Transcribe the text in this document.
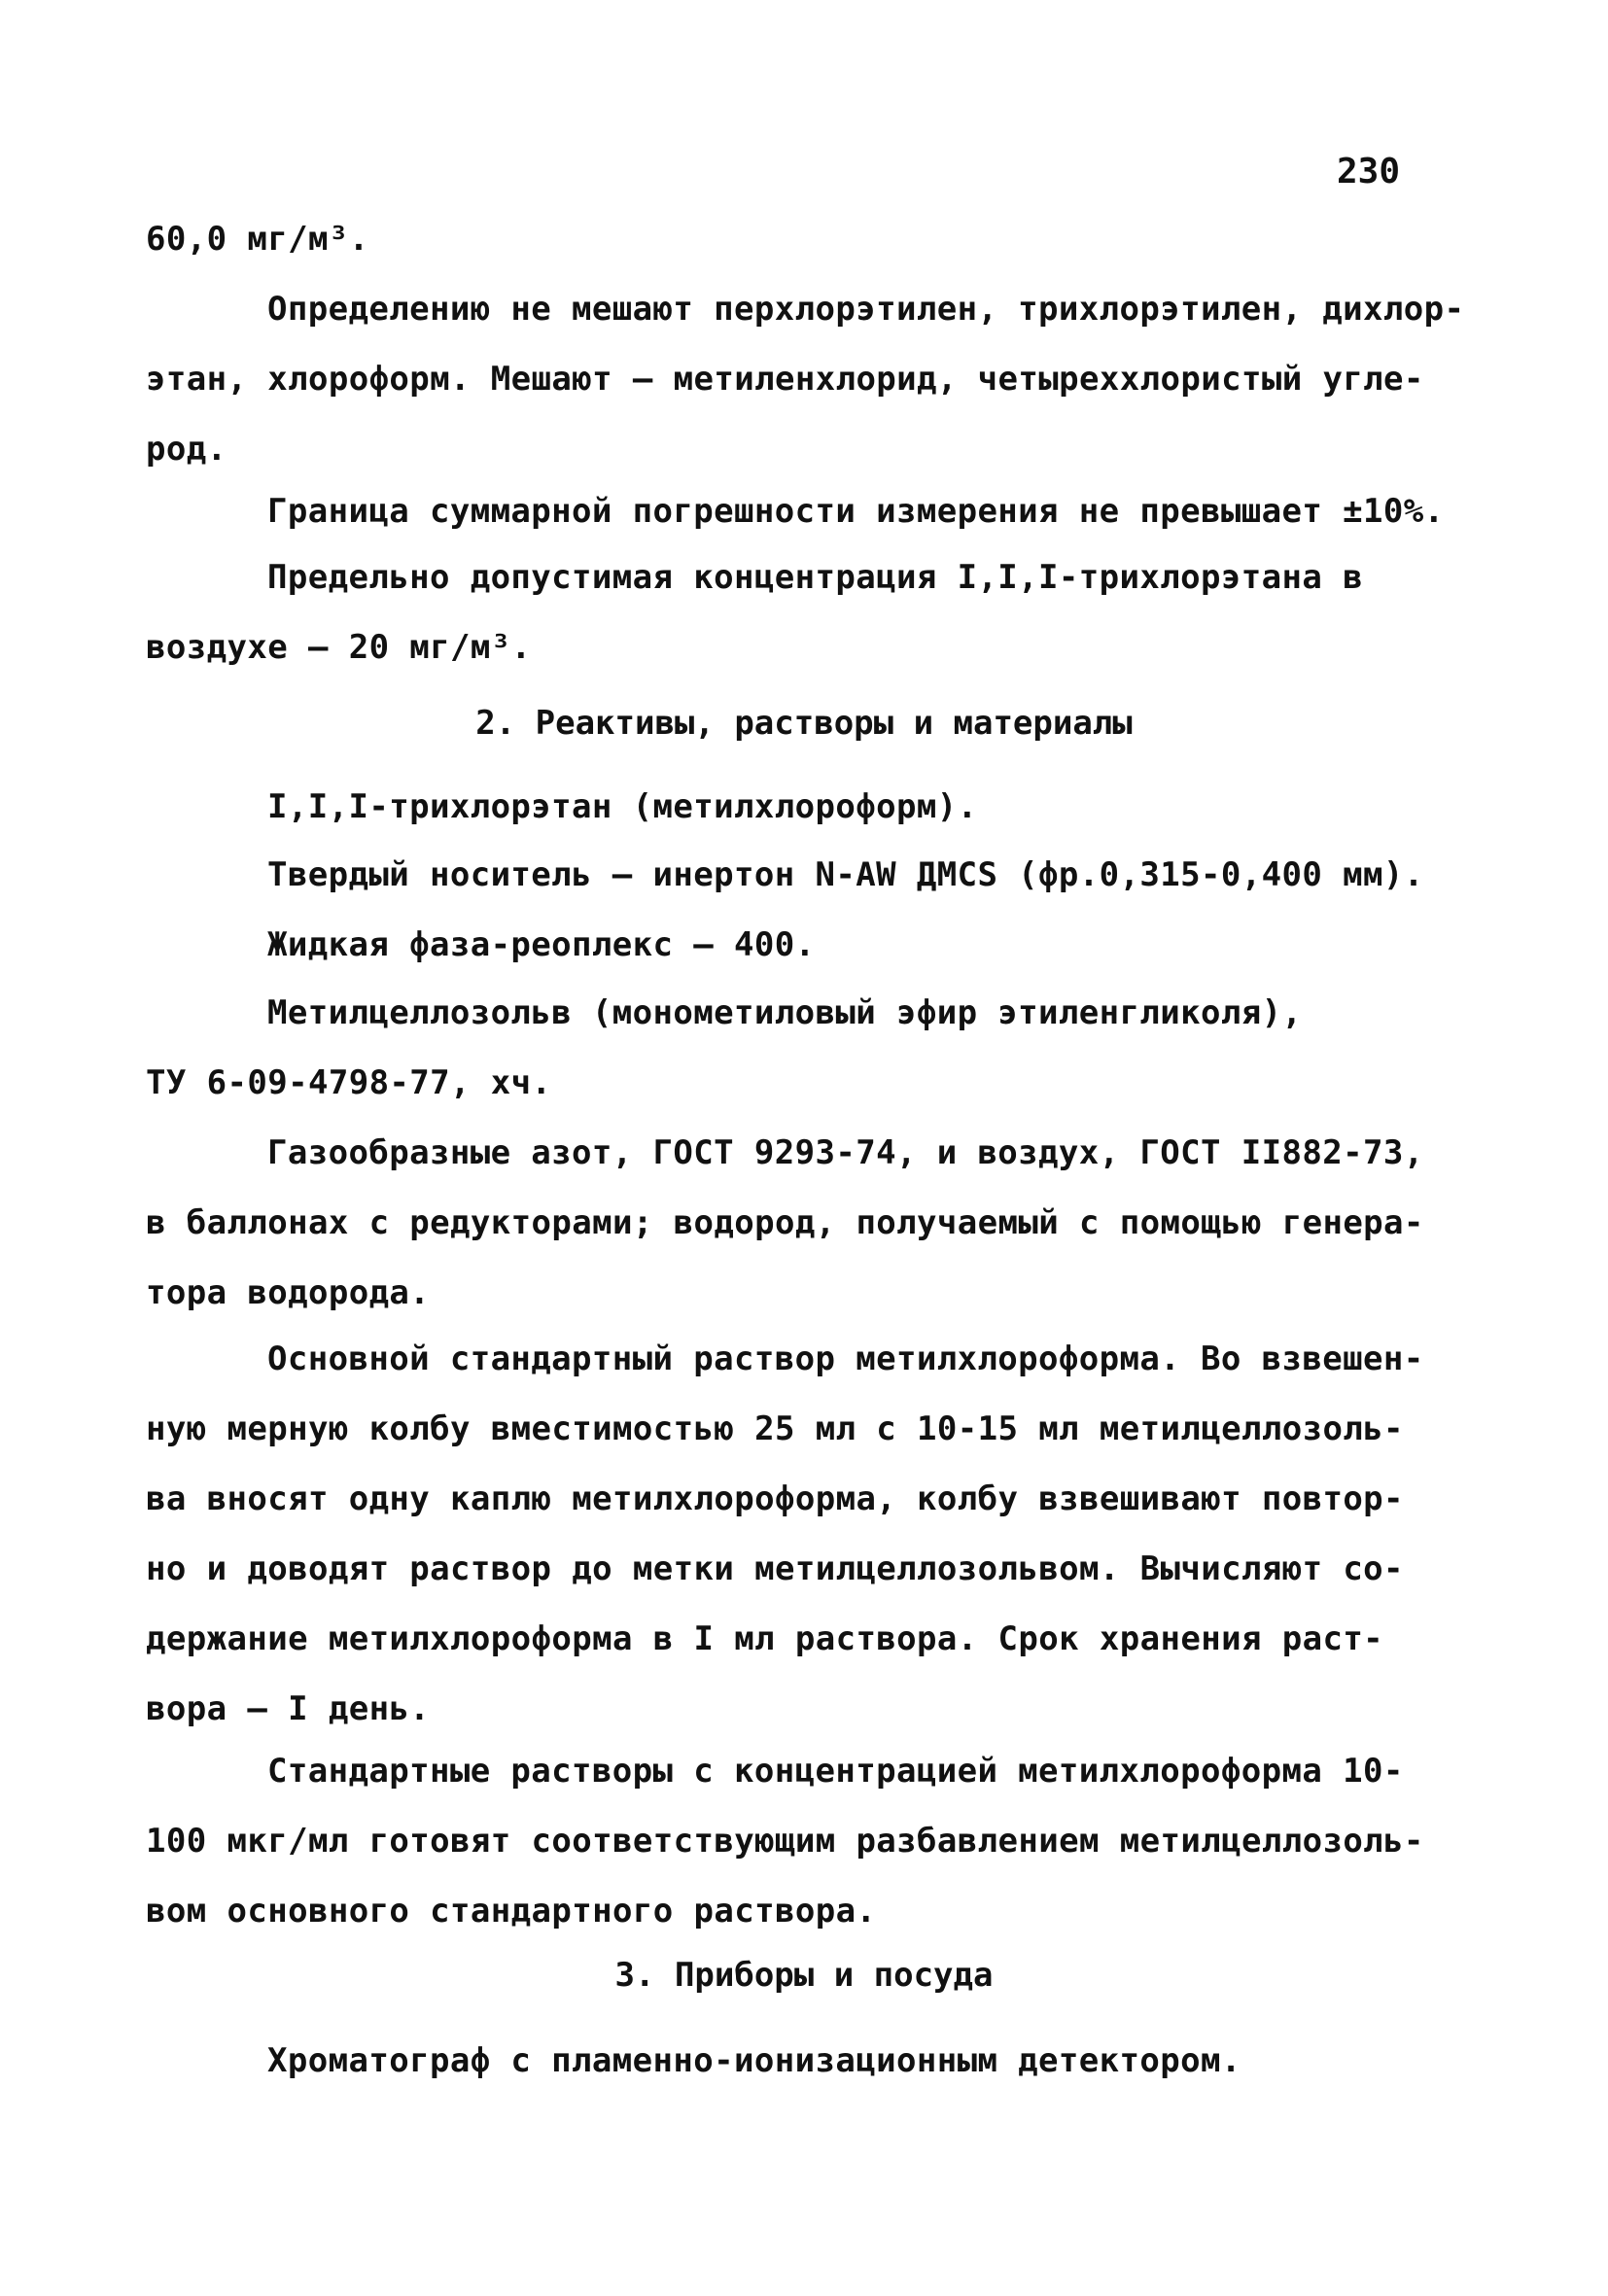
230
60,0 мг/м³.
Определению не мешают перхлорэтилен, трихлорэтилен, дихлор-
этан, хлороформ. Мешают – метиленхлорид, четыреххлористый угле-
род.
Граница суммарной погрешности измерения не превышает ±10%.
Предельно допустимая концентрация I,I,I-трихлорэтана в
воздухе – 20 мг/м³.
2. Реактивы, растворы и материалы
I,I,I-трихлорэтан (метилхлороформ).
Твердый носитель – инертон N-AW ДМCS (фр.0,315-0,400 мм).
Жидкая фаза-реоплекс – 400.
Метилцеллозольв (монометиловый эфир этиленгликоля),
ТУ 6-09-4798-77, хч.
Газообразные азот, ГОСТ 9293-74, и воздух, ГОСТ II882-73,
в баллонах с редукторами; водород, получаемый с помощью генера-
тора водорода.
Основной стандартный раствор метилхлороформа. Во взвешен-
ную мерную колбу вместимостью 25 мл с 10-15 мл метилцеллозоль-
ва вносят одну каплю метилхлороформа, колбу взвешивают повтор-
но и доводят раствор до метки метилцеллозольвом. Вычисляют со-
держание метилхлороформа в I мл раствора. Срок хранения раст-
вора – I день.
Стандартные растворы с концентрацией метилхлороформа 10-
100 мкг/мл готовят соответствующим разбавлением метилцеллозоль-
вом основного стандартного раствора.
3. Приборы и посуда
Хроматограф с пламенно-ионизационным детектором.
